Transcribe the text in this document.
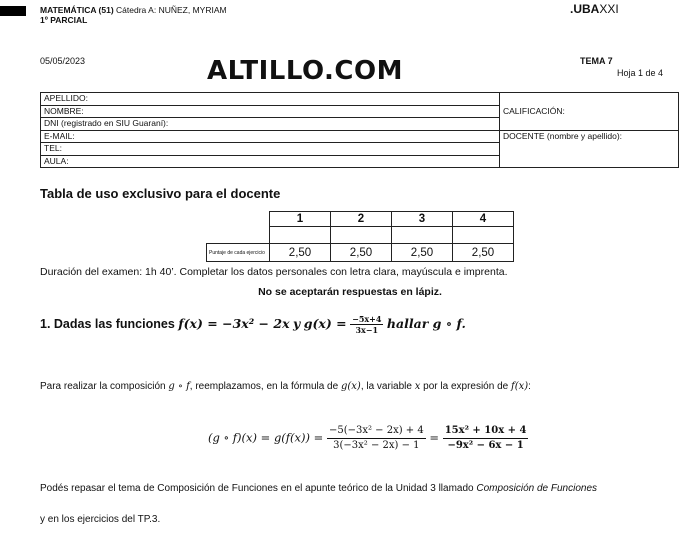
MATEMÁTICA (51) Cátedra A: NUÑEZ, MYRIAM
1º PARCIAL
.UBAXXI
05/05/2023	ALTILLO.COM	TEMA 7
Hoja 1 de 4
APELLIDO:	CALIFICACIÓN:
NOMBRE:	
DNI (registrado en SIU Guaraní):	
E-MAIL:	DOCENTE (nombre y apellido):
TEL:	
AULA:	
Tabla de uso exclusivo para el docente
	1	2	3	4

Puntaje de cada ejercicio	2,50	2,50	2,50	2,50
Duración del examen: 1h 40’. Completar los datos personales con letra clara, mayúscula e imprenta.
No se aceptarán respuestas en lápiz.
1. Dadas las funciones f(x) = −3x² − 2x y $g(x) = \frac{-5x+4}{3x-1}$ hallar g ∘ f.
Para realizar la composición g ∘ f, reemplazamos, en la fórmula de g(x), la variable x por la expresión de f(x):
(g ∘ $f)(x) = g(f(x)) = \frac{\text{−5(−3x² − 2x) + 4}}{\text{3(−3x² − 2x) − 1}} = \frac{\text{15x² + 10x + 4}}{\text{−9x² − 6x − 1}}$
Podés repasar el tema de Composición de Funciones en el apunte teórico de la Unidad 3 llamado Composición de Funciones
y en los ejercicios del TP.3.
